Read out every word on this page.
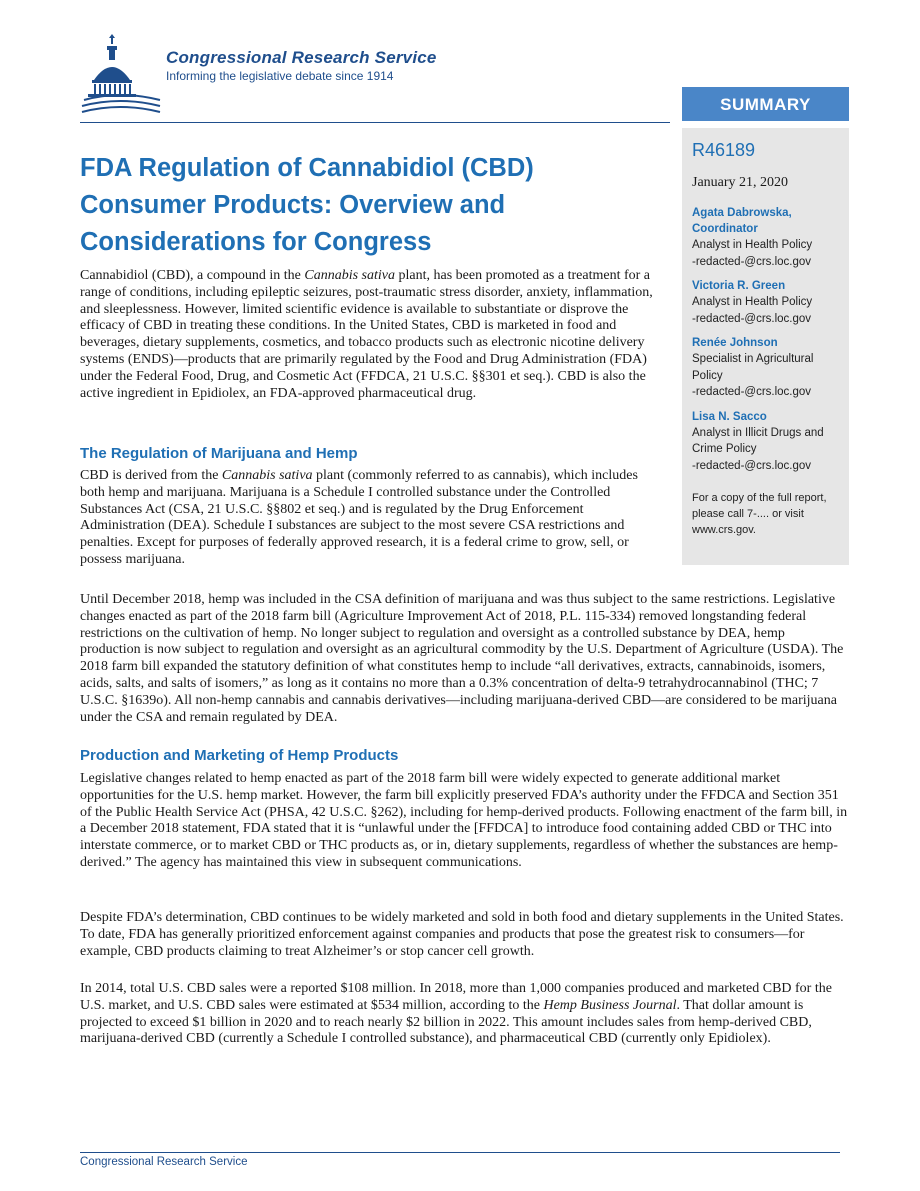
Congressional Research Service
Informing the legislative debate since 1914
SUMMARY
R46189
January 21, 2020
Agata Dabrowska,
Coordinator
Analyst in Health Policy
-redacted-@crs.loc.gov
Victoria R. Green
Analyst in Health Policy
-redacted-@crs.loc.gov
Renée Johnson
Specialist in Agricultural Policy
-redacted-@crs.loc.gov
Lisa N. Sacco
Analyst in Illicit Drugs and Crime Policy
-redacted-@crs.loc.gov
For a copy of the full report, please call 7-.... or visit www.crs.gov.
FDA Regulation of Cannabidiol (CBD)
Consumer Products: Overview and
Considerations for Congress

Cannabidiol (CBD), a compound in the Cannabis sativa plant, has been promoted as a treatment for a range of conditions, including epileptic seizures, post-traumatic stress disorder, anxiety, inflammation, and sleeplessness. However, limited scientific evidence is available to substantiate or disprove the efficacy of CBD in treating these conditions. In the United States, CBD is marketed in food and beverages, dietary supplements, cosmetics, and tobacco products such as electronic nicotine delivery systems (ENDS)—products that are primarily regulated by the Food and Drug Administration (FDA) under the Federal Food, Drug, and Cosmetic Act (FFDCA, 21 U.S.C. §§301 et seq.). CBD is also the active ingredient in Epidiolex, an FDA-approved pharmaceutical drug.

The Regulation of Marijuana and Hemp

CBD is derived from the Cannabis sativa plant (commonly referred to as cannabis), which includes both hemp and marijuana. Marijuana is a Schedule I controlled substance under the Controlled Substances Act (CSA, 21 U.S.C. §§802 et seq.) and is regulated by the Drug Enforcement Administration (DEA). Schedule I substances are subject to the most severe CSA restrictions and penalties. Except for purposes of federally approved research, it is a federal crime to grow, sell, or possess marijuana.

Until December 2018, hemp was included in the CSA definition of marijuana and was thus subject to the same restrictions. Legislative changes enacted as part of the 2018 farm bill (Agriculture Improvement Act of 2018, P.L. 115-334) removed longstanding federal restrictions on the cultivation of hemp. No longer subject to regulation and oversight as a controlled substance by DEA, hemp production is now subject to regulation and oversight as an agricultural commodity by the U.S. Department of Agriculture (USDA). The 2018 farm bill expanded the statutory definition of what constitutes hemp to include “all derivatives, extracts, cannabinoids, isomers, acids, salts, and salts of isomers,” as long as it contains no more than a 0.3% concentration of delta-9 tetrahydrocannabinol (THC; 7 U.S.C. §1639o). All non-hemp cannabis and cannabis derivatives—including marijuana-derived CBD—are considered to be marijuana under the CSA and remain regulated by DEA.

Production and Marketing of Hemp Products

Legislative changes related to hemp enacted as part of the 2018 farm bill were widely expected to generate additional market opportunities for the U.S. hemp market. However, the farm bill explicitly preserved FDA’s authority under the FFDCA and Section 351 of the Public Health Service Act (PHSA, 42 U.S.C. §262), including for hemp-derived products. Following enactment of the farm bill, in a December 2018 statement, FDA stated that it is “unlawful under the [FFDCA] to introduce food containing added CBD or THC into interstate commerce, or to market CBD or THC products as, or in, dietary supplements, regardless of whether the substances are hemp-derived.” The agency has maintained this view in subsequent communications.

Despite FDA’s determination, CBD continues to be widely marketed and sold in both food and dietary supplements in the United States. To date, FDA has generally prioritized enforcement against companies and products that pose the greatest risk to consumers—for example, CBD products claiming to treat Alzheimer’s or stop cancer cell growth.

In 2014, total U.S. CBD sales were a reported $108 million. In 2018, more than 1,000 companies produced and marketed CBD for the U.S. market, and U.S. CBD sales were estimated at $534 million, according to the Hemp Business Journal. That dollar amount is projected to exceed $1 billion in 2020 and to reach nearly $2 billion in 2022. This amount includes sales from hemp-derived CBD, marijuana-derived CBD (currently a Schedule I controlled substance), and pharmaceutical CBD (currently only Epidiolex).

Congressional Research Service
